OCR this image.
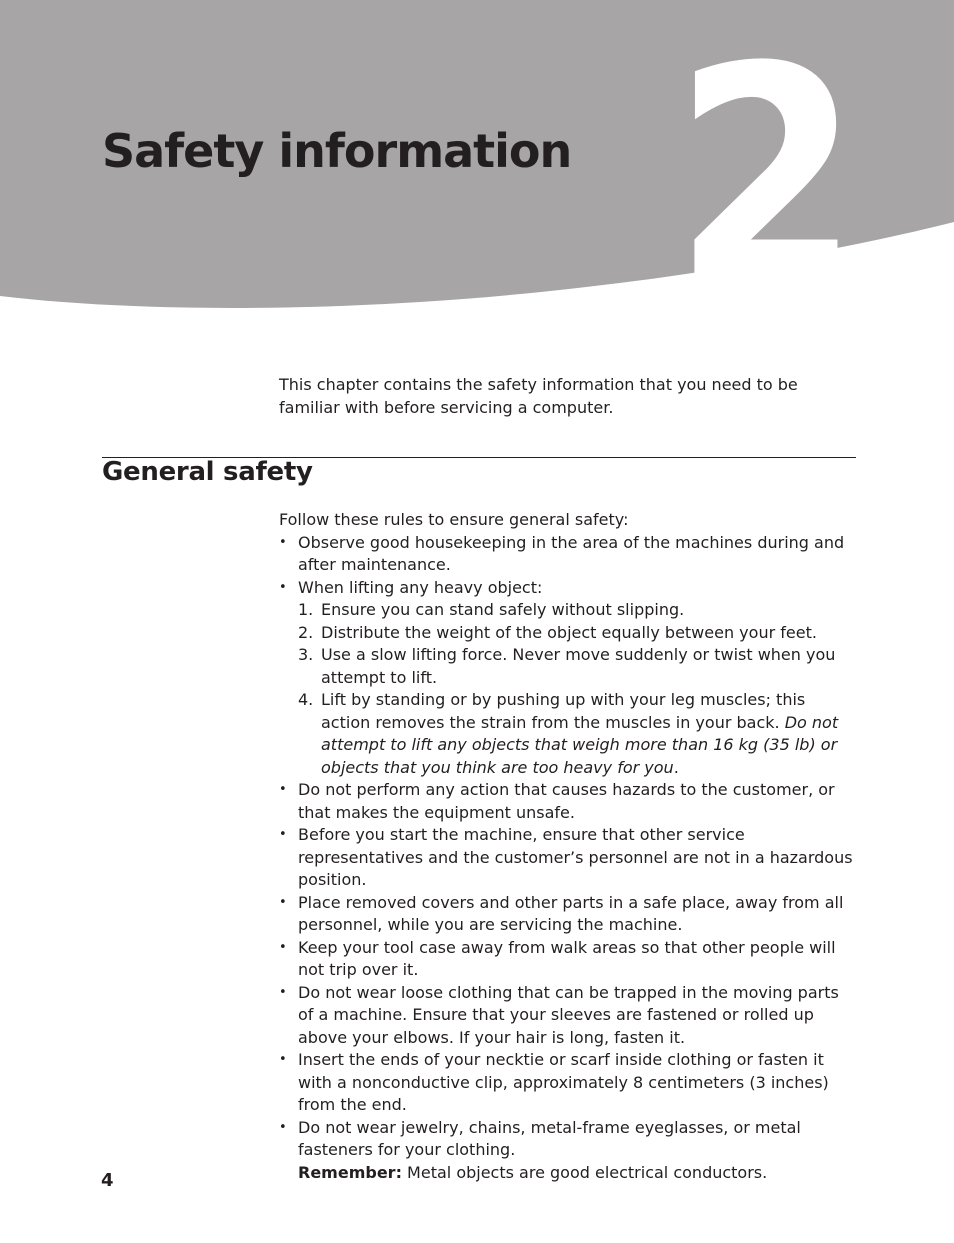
2
Safety information

This chapter contains the safety information that you need to be familiar with before servicing a computer.

General safety

Follow these rules to ensure general safety:

• Observe good housekeeping in the area of the machines during and after maintenance.
• When lifting any heavy object:
1. Ensure you can stand safely without slipping.
2. Distribute the weight of the object equally between your feet.
3. Use a slow lifting force. Never move suddenly or twist when you attempt to lift.
4. Lift by standing or by pushing up with your leg muscles; this action removes the strain from the muscles in your back. Do not attempt to lift any objects that weigh more than 16 kg (35 lb) or objects that you think are too heavy for you.
• Do not perform any action that causes hazards to the customer, or that makes the equipment unsafe.
• Before you start the machine, ensure that other service representatives and the customer’s personnel are not in a hazardous position.
• Place removed covers and other parts in a safe place, away from all personnel, while you are servicing the machine.
• Keep your tool case away from walk areas so that other people will not trip over it.
• Do not wear loose clothing that can be trapped in the moving parts of a machine. Ensure that your sleeves are fastened or rolled up above your elbows. If your hair is long, fasten it.
• Insert the ends of your necktie or scarf inside clothing or fasten it with a nonconductive clip, approximately 8 centimeters (3 inches) from the end.
• Do not wear jewelry, chains, metal-frame eyeglasses, or metal fasteners for your clothing.
Remember: Metal objects are good electrical conductors.

4
